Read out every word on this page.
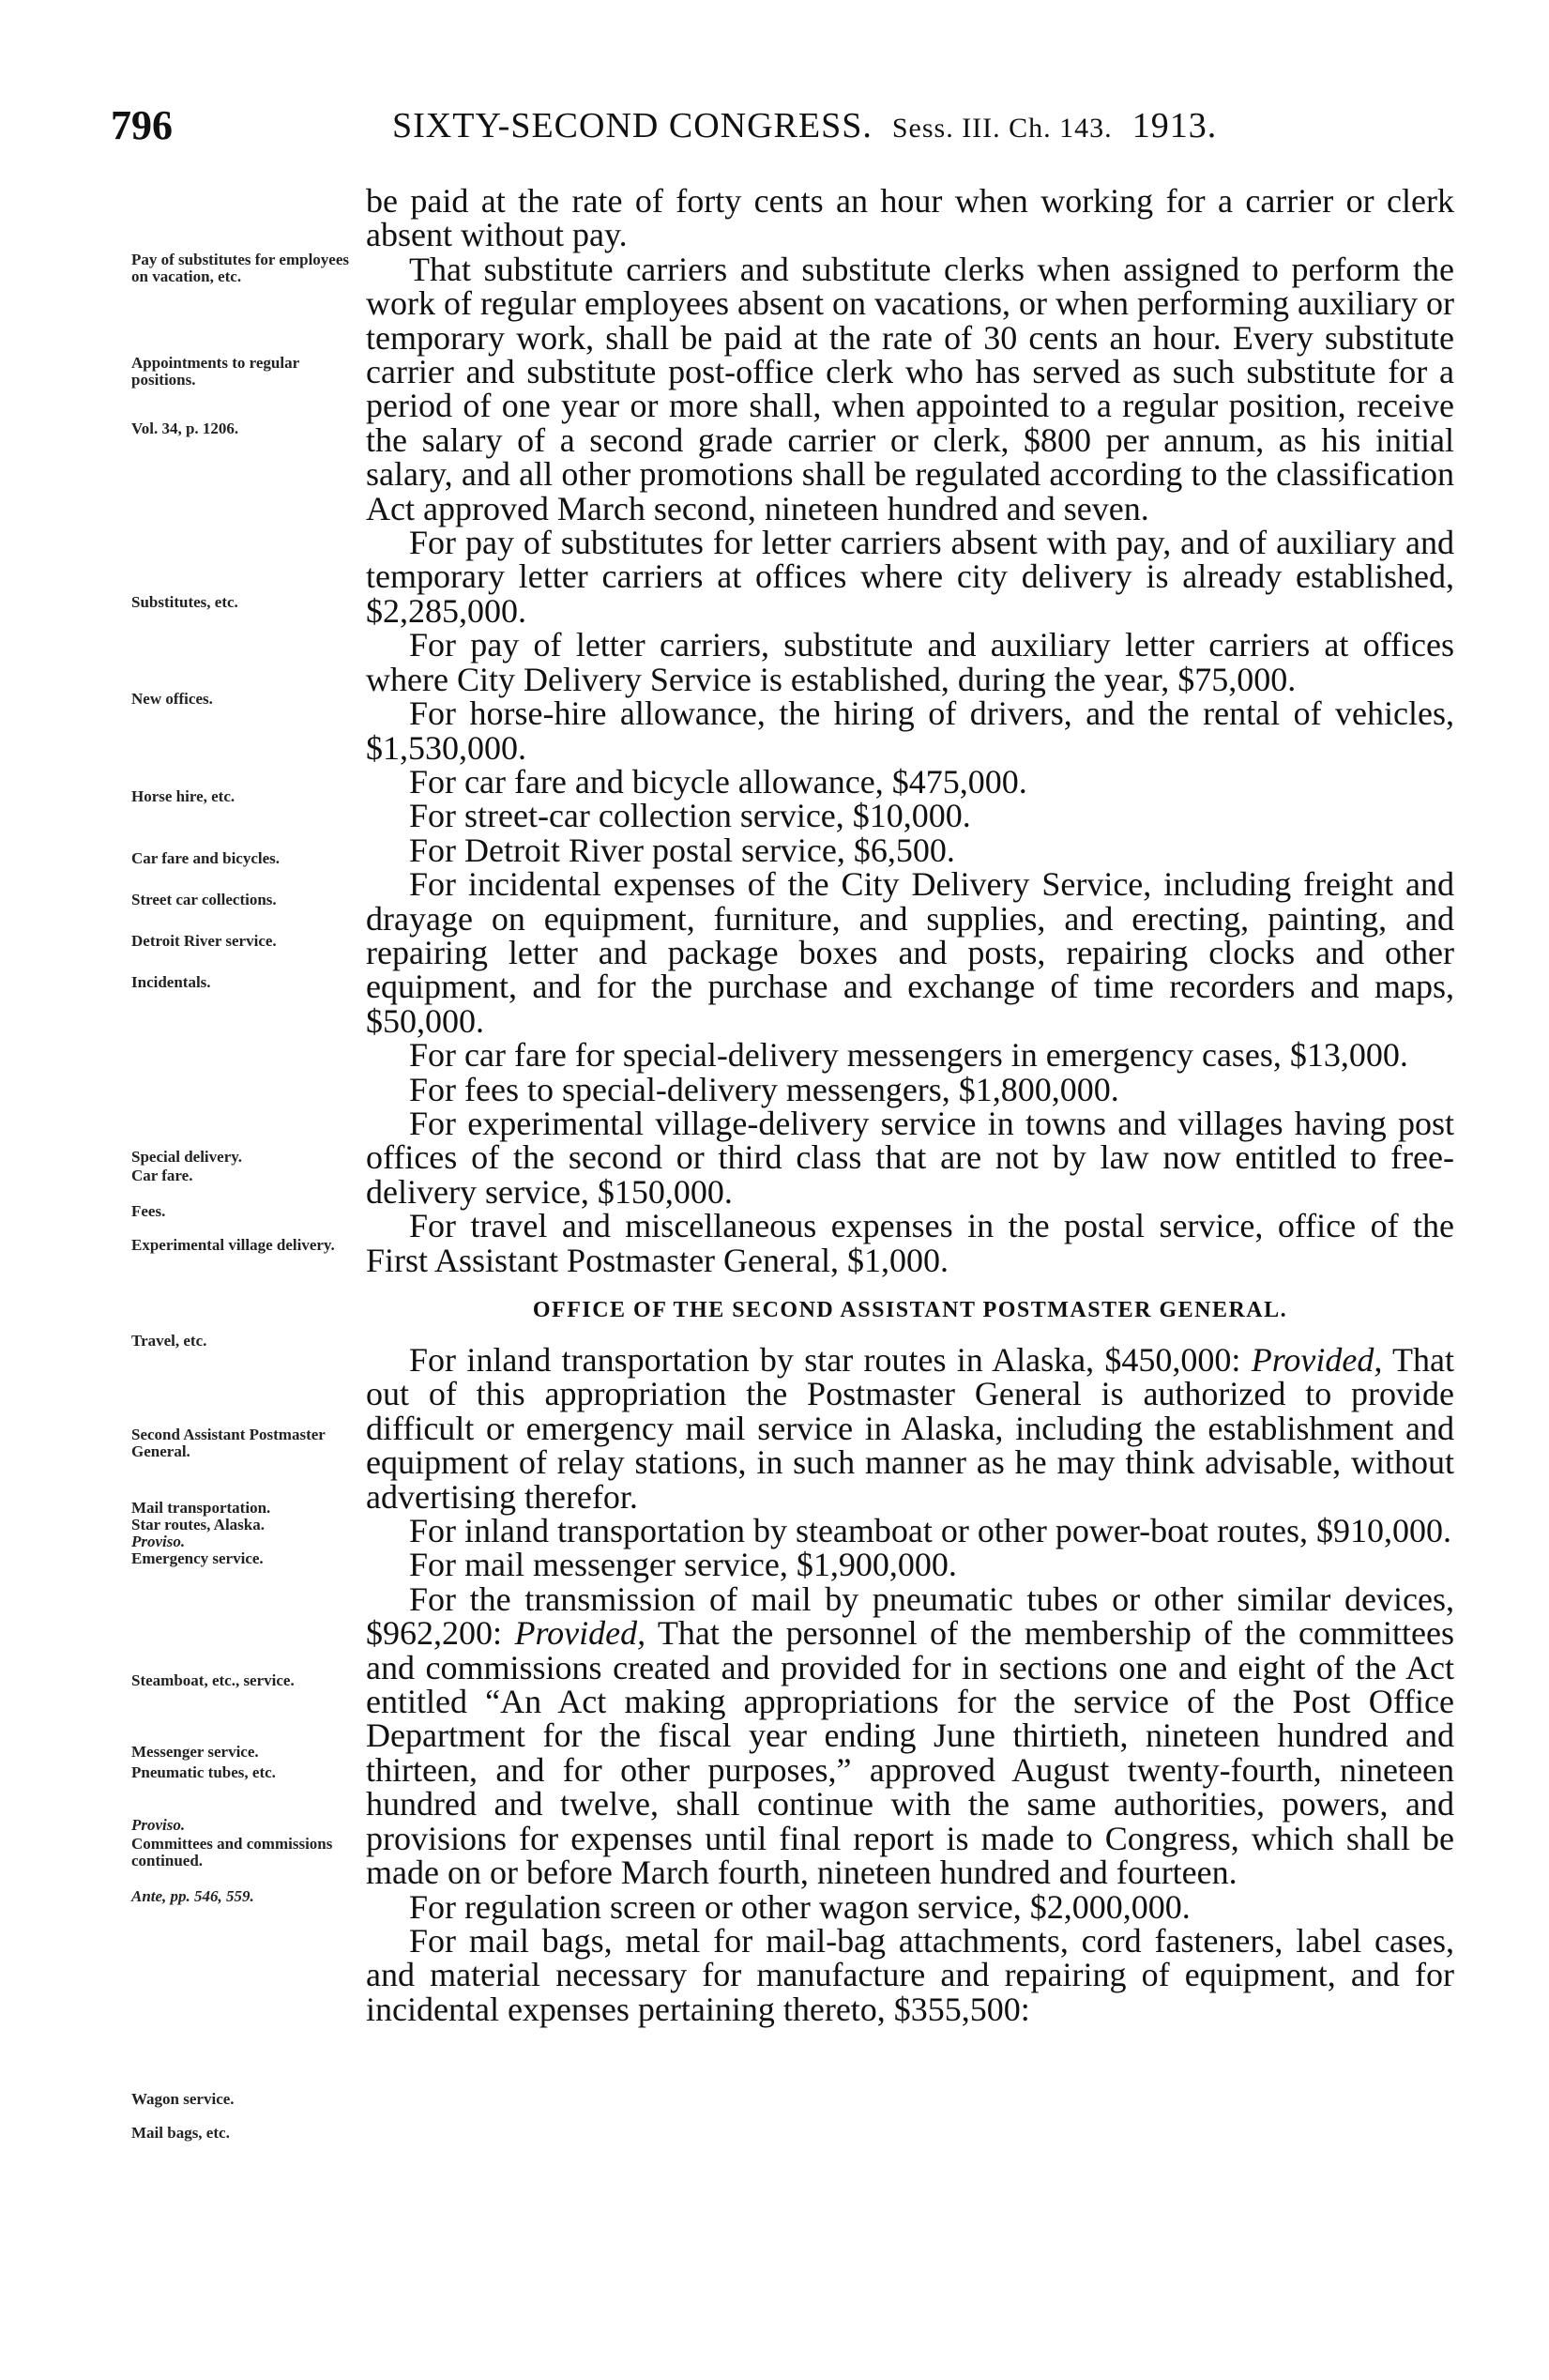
796	SIXTY-SECOND CONGRESS. Sess. III. Ch. 143. 1913.

be paid at the rate of forty cents an hour when working for a carrier or clerk absent without pay.

That substitute carriers and substitute clerks when assigned to perform the work of regular employees absent on vacations, or when performing auxiliary or temporary work, shall be paid at the rate of 30 cents an hour. Every substitute carrier and substitute post-office clerk who has served as such substitute for a period of one year or more shall, when appointed to a regular position, receive the salary of a second grade carrier or clerk, $800 per annum, as his initial salary, and all other promotions shall be regulated according to the classification Act approved March second, nineteen hundred and seven.

For pay of substitutes for letter carriers absent with pay, and of auxiliary and temporary letter carriers at offices where city delivery is already established, $2,285,000.

For pay of letter carriers, substitute and auxiliary letter carriers at offices where City Delivery Service is established, during the year, $75,000.

For horse-hire allowance, the hiring of drivers, and the rental of vehicles, $1,530,000.

For car fare and bicycle allowance, $475,000.

For street-car collection service, $10,000.

For Detroit River postal service, $6,500.

For incidental expenses of the City Delivery Service, including freight and drayage on equipment, furniture, and supplies, and erecting, painting, and repairing letter and package boxes and posts, repairing clocks and other equipment, and for the purchase and exchange of time recorders and maps, $50,000.

For car fare for special-delivery messengers in emergency cases, $13,000.

For fees to special-delivery messengers, $1,800,000.

For experimental village-delivery service in towns and villages having post offices of the second or third class that are not by law now entitled to free-delivery service, $150,000.

For travel and miscellaneous expenses in the postal service, office of the First Assistant Postmaster General, $1,000.

OFFICE OF THE SECOND ASSISTANT POSTMASTER GENERAL.

For inland transportation by star routes in Alaska, $450,000: Provided, That out of this appropriation the Postmaster General is authorized to provide difficult or emergency mail service in Alaska, including the establishment and equipment of relay stations, in such manner as he may think advisable, without advertising therefor.

For inland transportation by steamboat or other power-boat routes, $910,000.

For mail messenger service, $1,900,000.

For the transmission of mail by pneumatic tubes or other similar devices, $962,200: Provided, That the personnel of the membership of the committees and commissions created and provided for in sections one and eight of the Act entitled “An Act making appropriations for the service of the Post Office Department for the fiscal year ending June thirtieth, nineteen hundred and thirteen, and for other purposes,” approved August twenty-fourth, nineteen hundred and twelve, shall continue with the same authorities, powers, and provisions for expenses until final report is made to Congress, which shall be made on or before March fourth, nineteen hundred and fourteen.

For regulation screen or other wagon service, $2,000,000.

For mail bags, metal for mail-bag attachments, cord fasteners, label cases, and material necessary for manufacture and repairing of equipment, and for incidental expenses pertaining thereto, $355,500:

Pay of substitutes for employees on vacation, etc.
Appointments to regular positions.
Vol. 34, p. 1206.
Substitutes, etc.
New offices.
Horse hire, etc.
Car fare and bicycles.
Street car collections.
Detroit River service.
Incidentals.
Special delivery.
Car fare.
Fees.
Experimental village delivery.
Travel, etc.
Second Assistant Postmaster General.
Mail transportation.
Star routes, Alaska.
Proviso.
Emergency service.
Steamboat, etc., service.
Messenger service.
Pneumatic tubes, etc.
Proviso.
Committees and commissions continued.
Ante, pp. 546, 559.
Wagon service.
Mail bags, etc.
